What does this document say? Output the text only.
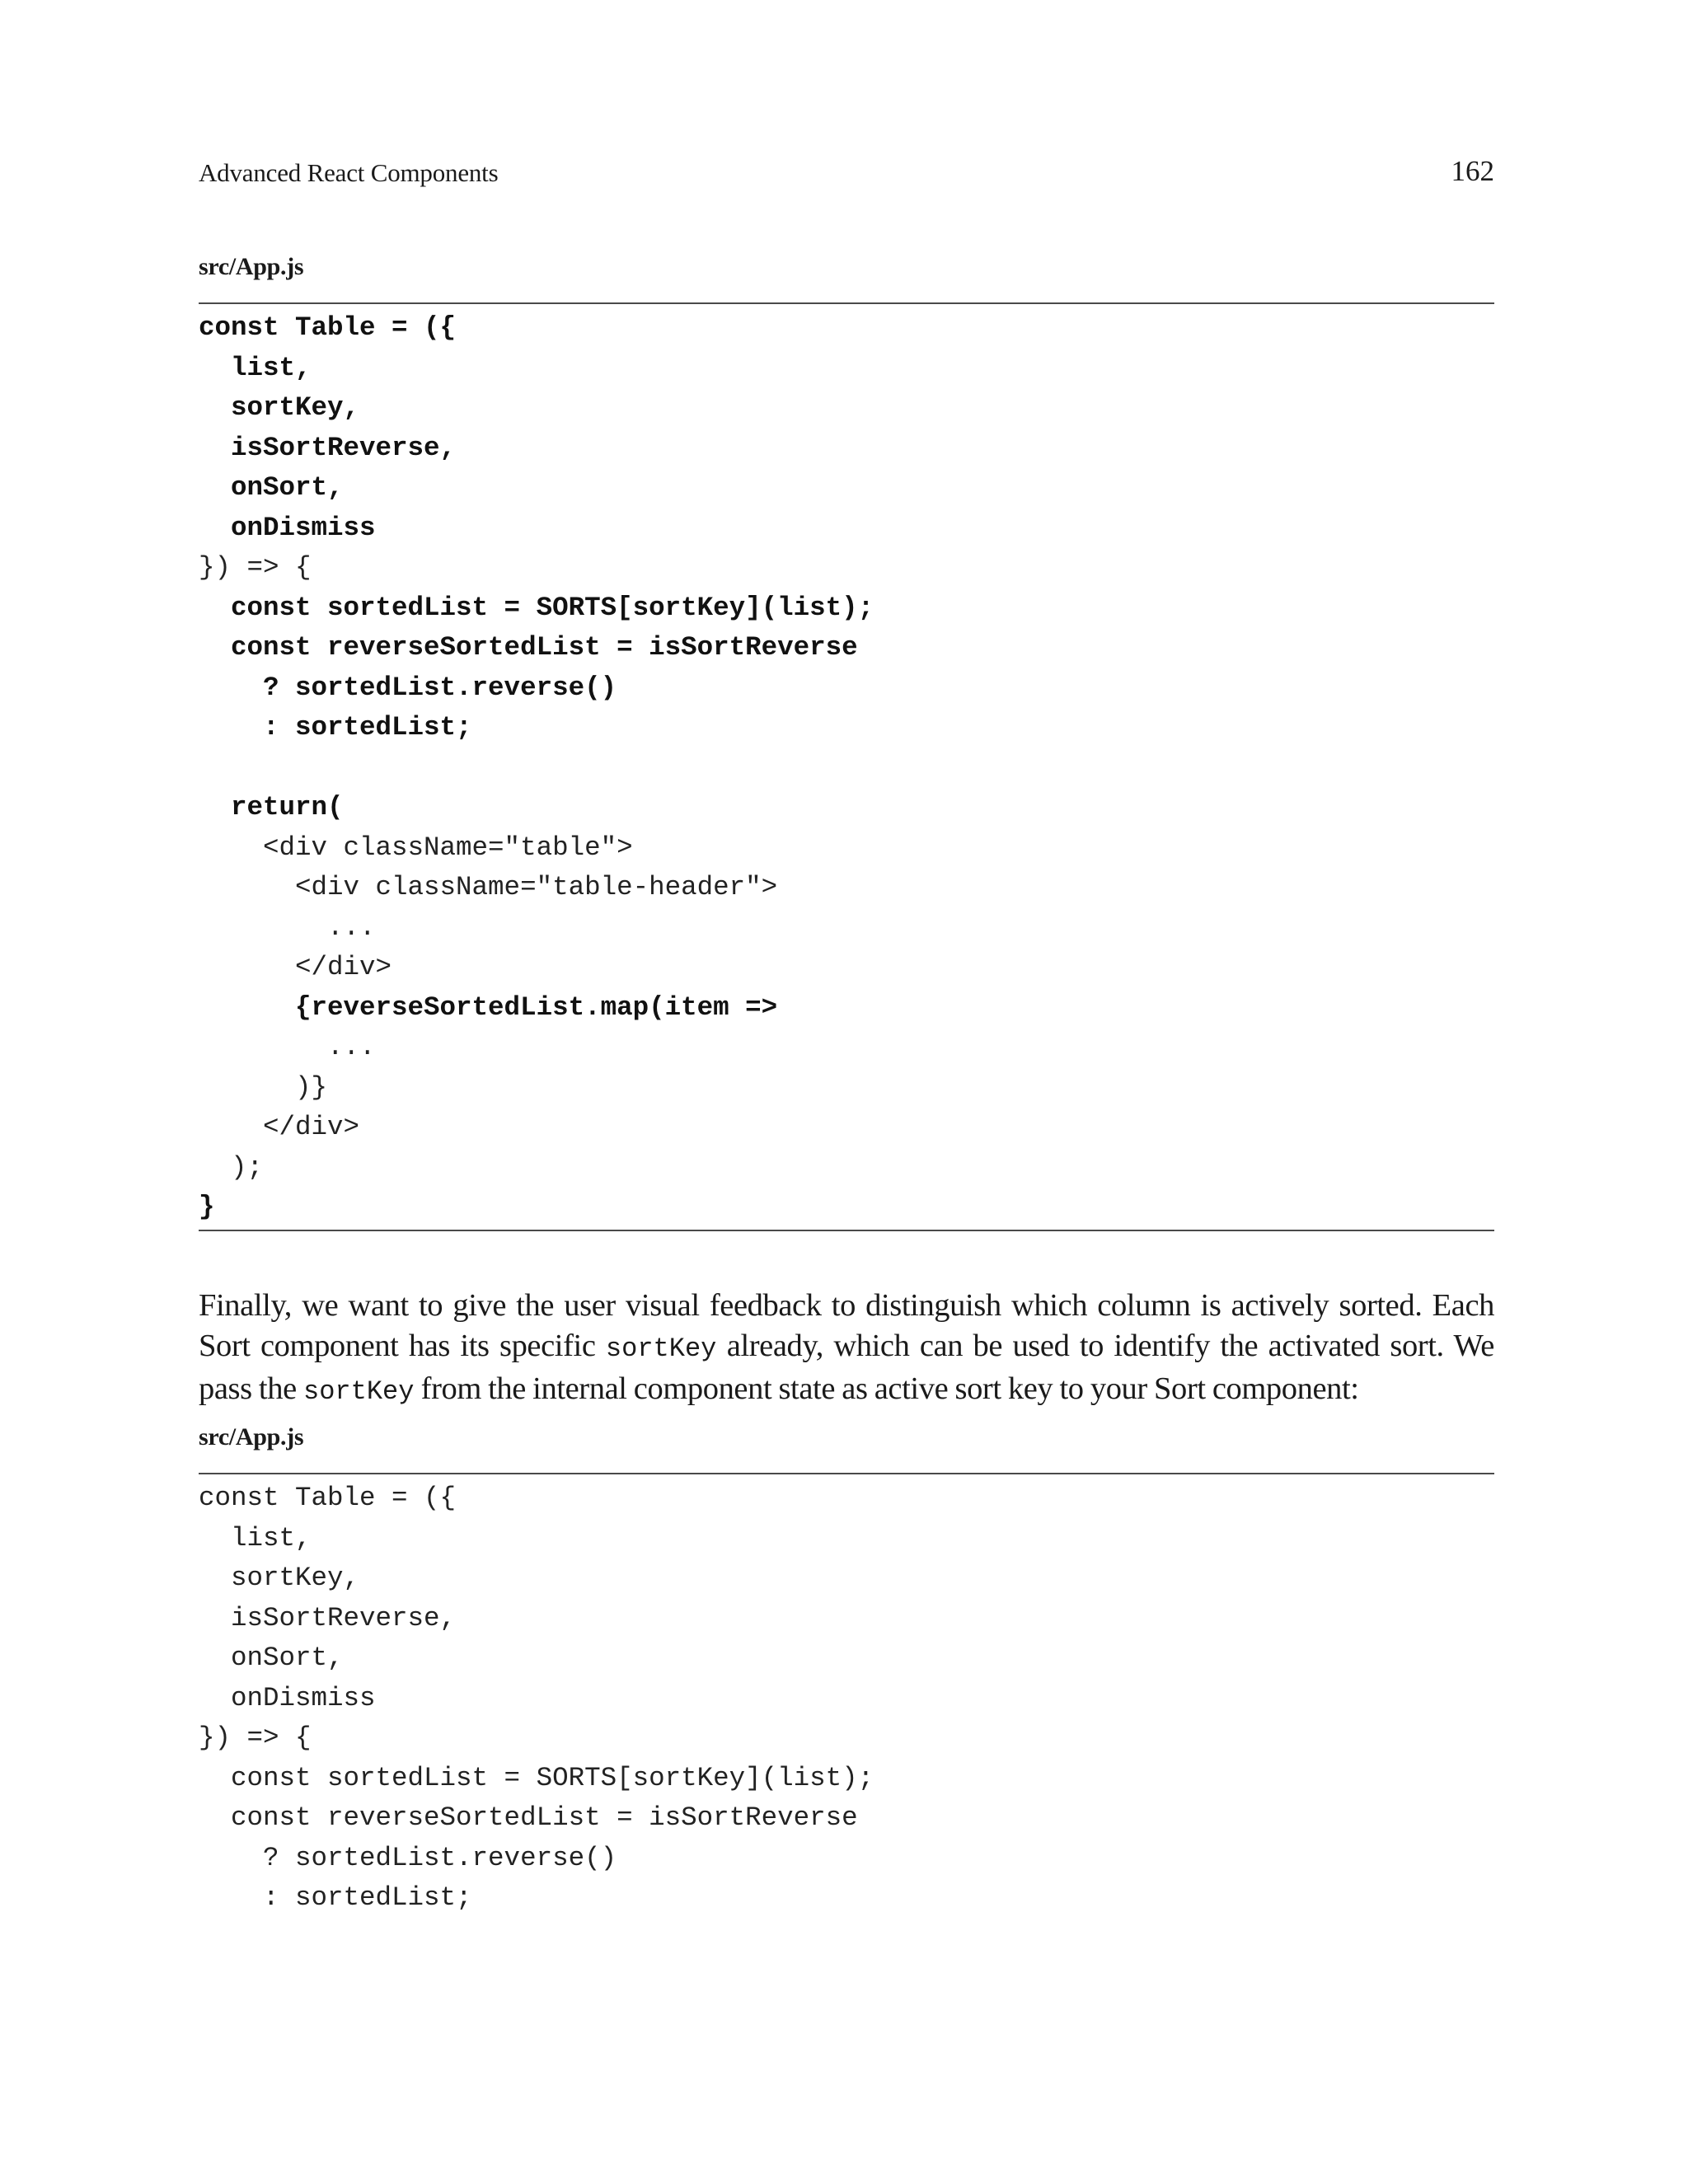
Advanced React Components	162
src/App.js
const Table = ({
list,
sortKey,
isSortReverse,
onSort,
onDismiss
}) => {
const sortedList = SORTS[sortKey](list);
const reverseSortedList = isSortReverse
? sortedList.reverse()
: sortedList;
return(
<div className="table">
<div className="table-header">
...
</div>
{reverseSortedList.map(item =>
...
)}
</div>
);
}
Finally, we want to give the user visual feedback to distinguish which column is actively sorted. Each Sort component has its specific sortKey already, which can be used to identify the activated sort. We pass the sortKey from the internal component state as active sort key to your Sort component:
src/App.js
const Table = ({
list,
sortKey,
isSortReverse,
onSort,
onDismiss
}) => {
const sortedList = SORTS[sortKey](list);
const reverseSortedList = isSortReverse
? sortedList.reverse()
: sortedList;
